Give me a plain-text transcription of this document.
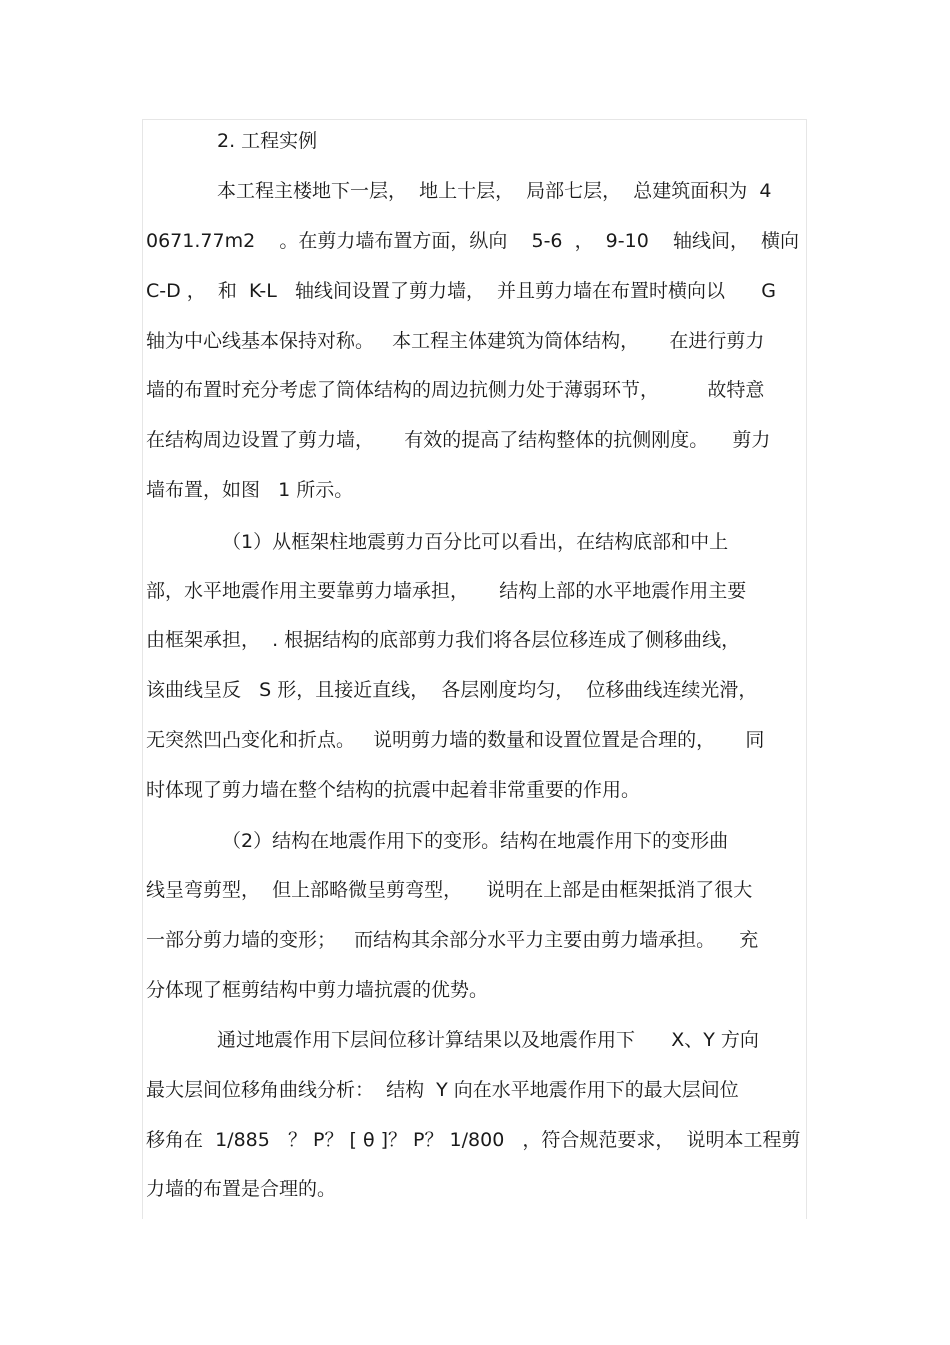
2. 工程实例
本工程主楼地下一层，  地上十层，  局部七层，  总建筑面积为  4
0671.77m2    。在剪力墙布置方面，纵向    5-6  ，  9-10    轴线间，  横向
C-D ，  和  K-L   轴线间设置了剪力墙，  并且剪力墙在布置时横向以      G
轴为中心线基本保持对称。   本工程主体建筑为筒体结构，     在进行剪力
墙的布置时充分考虑了筒体结构的周边抗侧力处于薄弱环节，        故特意
在结构周边设置了剪力墙，     有效的提高了结构整体的抗侧刚度。    剪力
墙布置，如图   1 所示。
（1）从框架柱地震剪力百分比可以看出，在结构底部和中上
部，水平地震作用主要靠剪力墙承担，     结构上部的水平地震作用主要
由框架承担，  . 根据结构的底部剪力我们将各层位移连成了侧移曲线，
该曲线呈反   S 形，且接近直线，  各层刚度均匀，  位移曲线连续光滑，
无突然凹凸变化和折点。   说明剪力墙的数量和设置位置是合理的，     同
时体现了剪力墙在整个结构的抗震中起着非常重要的作用。
（2）结构在地震作用下的变形。结构在地震作用下的变形曲
线呈弯剪型，  但上部略微呈剪弯型，    说明在上部是由框架抵消了很大
一部分剪力墙的变形；   而结构其余部分水平力主要由剪力墙承担。    充
分体现了框剪结构中剪力墙抗震的优势。
通过地震作用下层间位移计算结果以及地震作用下      X、Y 方向
最大层间位移角曲线分析：  结构  Y 向在水平地震作用下的最大层间位
移角在  1/885   ？ P？ [ θ ]？ P？ 1/800   ，符合规范要求，  说明本工程剪
力墙的布置是合理的。
